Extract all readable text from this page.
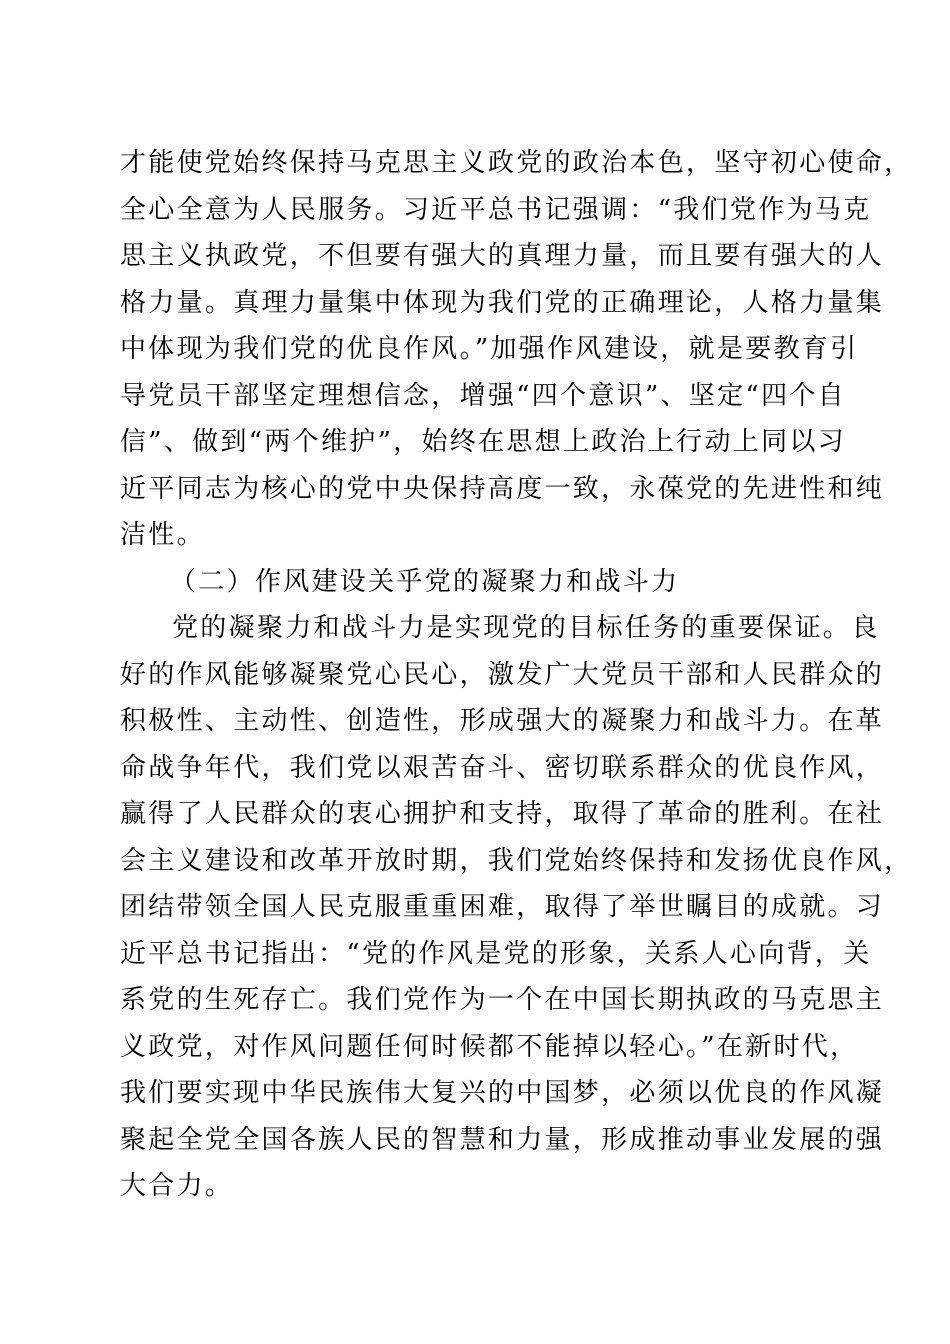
才能使党始终保持马克思主义政党的政治本色，坚守初心使命，
全心全意为人民服务。习近平总书记强调：“我们党作为马克
思主义执政党，不但要有强大的真理力量，而且要有强大的人
格力量。真理力量集中体现为我们党的正确理论，人格力量集
中体现为我们党的优良作风。”加强作风建设，就是要教育引
导党员干部坚定理想信念，增强“四个意识”、坚定“四个自
信”、做到“两个维护”，始终在思想上政治上行动上同以习
近平同志为核心的党中央保持高度一致，永葆党的先进性和纯
洁性。
（二）作风建设关乎党的凝聚力和战斗力
党的凝聚力和战斗力是实现党的目标任务的重要保证。良
好的作风能够凝聚党心民心，激发广大党员干部和人民群众的
积极性、主动性、创造性，形成强大的凝聚力和战斗力。在革
命战争年代，我们党以艰苦奋斗、密切联系群众的优良作风，
赢得了人民群众的衷心拥护和支持，取得了革命的胜利。在社
会主义建设和改革开放时期，我们党始终保持和发扬优良作风，
团结带领全国人民克服重重困难，取得了举世瞩目的成就。习
近平总书记指出：“党的作风是党的形象，关系人心向背，关
系党的生死存亡。我们党作为一个在中国长期执政的马克思主
义政党，对作风问题任何时候都不能掉以轻心。”在新时代，
我们要实现中华民族伟大复兴的中国梦，必须以优良的作风凝
聚起全党全国各族人民的智慧和力量，形成推动事业发展的强
大合力。
